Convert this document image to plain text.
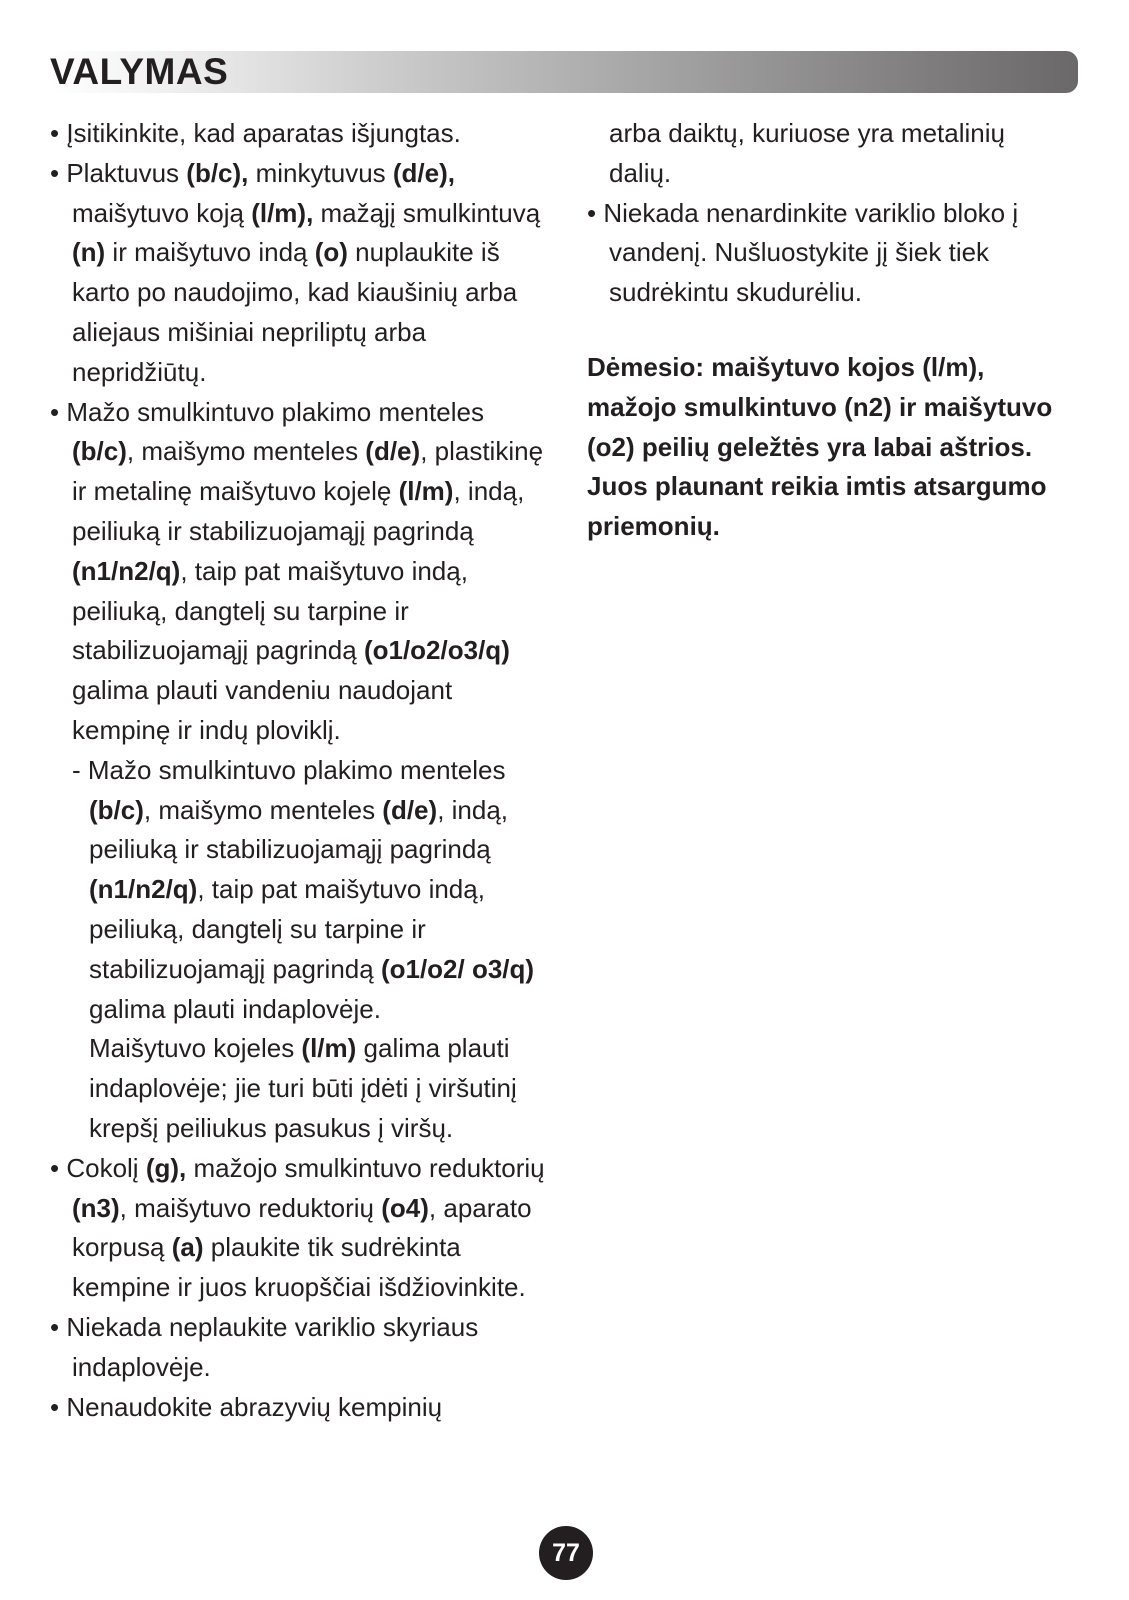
VALYMAS

• Įsitikinkite, kad aparatas išjungtas.

• Plaktuvus (b/c), minkytuvus (d/e), maišytuvo koją (l/m), mažąjį smulkintuvą (n) ir maišytuvo indą (o) nuplaukite iš karto po naudojimo, kad kiaušinių arba aliejaus mišiniai nepriliptų arba nepridžiūtų.

• Mažo smulkintuvo plakimo menteles (b/c), maišymo menteles (d/e), plastikinę ir metalinę maišytuvo kojelę (l/m), indą, peiliuką ir stabilizuojamąjį pagrindą (n1/n2/q), taip pat maišytuvo indą, peiliuką, dangtelį su tarpine ir stabilizuojamąjį pagrindą (o1/o2/o3/q) galima plauti vandeniu naudojant kempinę ir indų ploviklį.

- Mažo smulkintuvo plakimo menteles (b/c), maišymo menteles (d/e), indą, peiliuką ir stabilizuojamąjį pagrindą (n1/n2/q), taip pat maišytuvo indą, peiliuką, dangtelį su tarpine ir stabilizuojamąjį pagrindą (o1/o2/ o3/q) galima plauti indaplovėje.

Maišytuvo kojeles (l/m) galima plauti indaplovėje; jie turi būti įdėti į viršutinį krepšį peiliukus pasukus į viršų.

• Cokolį (g), mažojo smulkintuvo reduktorių (n3), maišytuvo reduktorių (o4), aparato korpusą (a) plaukite tik sudrėkinta kempine ir juos kruopščiai išdžiovinkite.

• Niekada neplaukite variklio skyriaus indaplovėje.

• Nenaudokite abrazyvių kempinių

arba daiktų, kuriuose yra metalinių dalių.

• Niekada nenardinkite variklio bloko į vandenį. Nušluostykite jį šiek tiek sudrėkintu skudurėliu.

Dėmesio: maišytuvo kojos (l/m), mažojo smulkintuvo (n2) ir maišytuvo (o2) peilių geležtės yra labai aštrios. Juos plaunant reikia imtis atsargumo priemonių.

77
